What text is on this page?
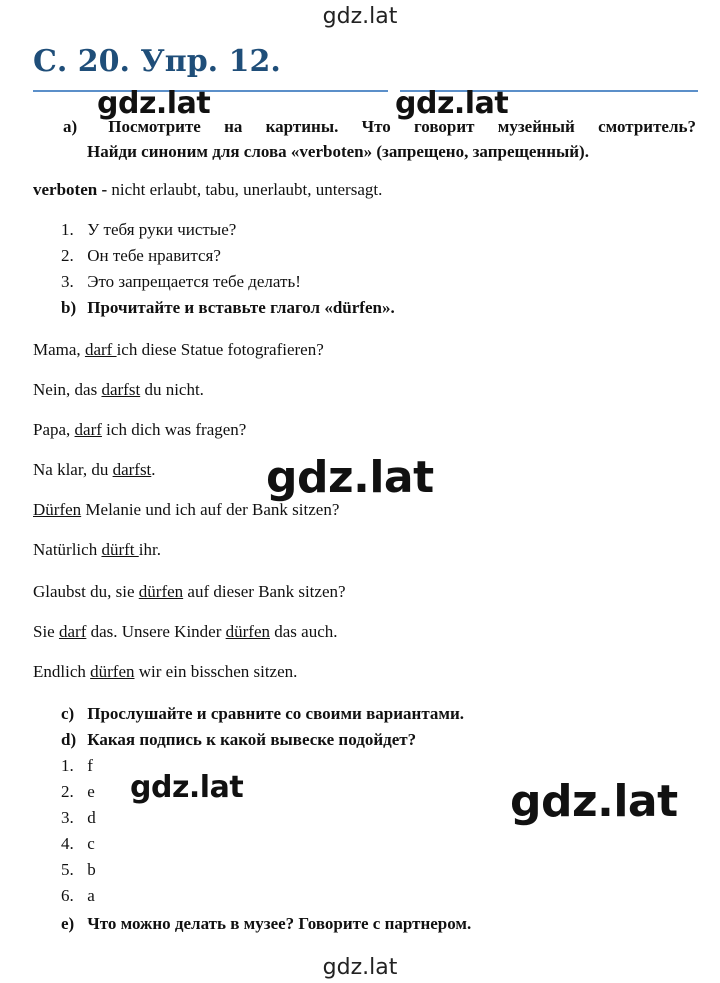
gdz.lat
С. 20. Упр. 12.
a) Посмотрите на картины. Что говорит музейный смотритель?
Найди синоним для слова «verboten» (запрещено, запрещенный).
verboten - nicht erlaubt, tabu, unerlaubt, untersagt.
1. У тебя руки чистые?
2. Он тебе нравится?
3. Это запрещается тебе делать!
b) Прочитайте и вставьте глагол «dürfen».
Mama, darf ich diese Statue fotografieren?
Nein, das darfst du nicht.
Papa, darf ich dich was fragen?
Na klar, du darfst.
Dürfen Melanie und ich auf der Bank sitzen?
Natürlich dürft ihr.
Glaubst du, sie dürfen auf dieser Bank sitzen?
Sie darf das. Unsere Kinder dürfen das auch.
Endlich dürfen wir ein bisschen sitzen.
c) Прослушайте и сравните со своими вариантами.
d) Какая подпись к какой вывеске подойдет?
1. f
2. e
3. d
4. c
5. b
6. a
e) Что можно делать в музее? Говорите с партнером.
gdz.lat	gdz.lat
gdz.lat
gdz.lat	gdz.lat
gdz.lat
